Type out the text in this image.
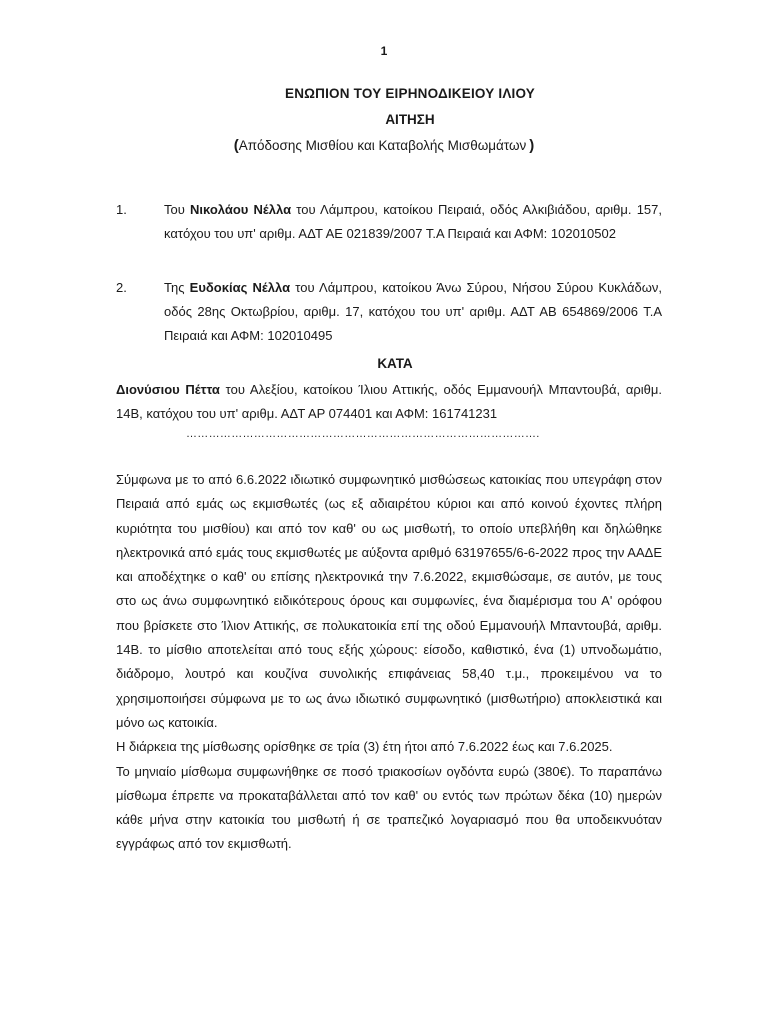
1
ΕΝΩΠΙΟΝ ΤΟΥ ΕΙΡΗΝΟΔΙΚΕΙΟΥ ΙΛΙΟΥ
ΑΙΤΗΣΗ
(Απόδοσης Μισθίου και Καταβολής Μισθωμάτων )
1.	Του Νικολάου Νέλλα του Λάμπρου, κατοίκου Πειραιά, οδός Αλκιβιάδου, αριθμ. 157, κατόχου του υπ' αριθμ. ΑΔΤ ΑΕ 021839/2007 Τ.Α Πειραιά και ΑΦΜ: 102010502
2.	Της Ευδοκίας Νέλλα του Λάμπρου, κατοίκου Άνω Σύρου, Νήσου Σύρου Κυκλάδων, οδός 28ης Οκτωβρίου, αριθμ. 17, κατόχου του υπ' αριθμ. ΑΔΤ ΑΒ 654869/2006 Τ.Α Πειραιά και ΑΦΜ: 102010495
ΚΑΤΑ
Διονύσιου Πέττα του Αλεξίου, κατοίκου Ίλιου Αττικής, οδός Εμμανουήλ Μπαντουβά, αριθμ. 14Β, κατόχου του υπ' αριθμ. ΑΔΤ ΑΡ 074401 και ΑΦΜ: 161741231
………………………………………………………………………………….

Σύμφωνα με το από 6.6.2022 ιδιωτικό συμφωνητικό μισθώσεως κατοικίας που υπεγράφη στον Πειραιά από εμάς ως εκμισθωτές (ως εξ αδιαιρέτου κύριοι και από κοινού έχοντες πλήρη κυριότητα του μισθίου) και από τον καθ' ου ως μισθωτή, το οποίο υπεβλήθη και δηλώθηκε ηλεκτρονικά από εμάς τους εκμισθωτές με αύξοντα αριθμό 63197655/6-6-2022 προς την ΑΑΔΕ και αποδέχτηκε ο καθ' ου επίσης ηλεκτρονικά την 7.6.2022, εκμισθώσαμε, σε αυτόν, με τους στο ως άνω συμφωνητικό ειδικότερους όρους και συμφωνίες, ένα διαμέρισμα του Α' ορόφου που βρίσκετε στο Ίλιον Αττικής, σε πολυκατοικία επί της οδού Εμμανουήλ Μπαντουβά, αριθμ. 14Β. το μίσθιο αποτελείται από τους εξής χώρους: είσοδο, καθιστικό, ένα (1) υπνοδωμάτιο, διάδρομο, λουτρό και κουζίνα συνολικής επιφάνειας 58,40 τ.μ., προκειμένου να το χρησιμοποιήσει σύμφωνα με το ως άνω ιδιωτικό συμφωνητικό (μισθωτήριο) αποκλειστικά και μόνο ως κατοικία.

Η διάρκεια της μίσθωσης ορίσθηκε σε τρία (3) έτη ήτοι από 7.6.2022 έως και 7.6.2025.

Το μηνιαίο μίσθωμα συμφωνήθηκε σε ποσό τριακοσίων ογδόντα ευρώ (380€). Το παραπάνω μίσθωμα έπρεπε να προκαταβάλλεται από τον καθ' ου εντός των πρώτων δέκα (10) ημερών κάθε μήνα στην κατοικία του μισθωτή ή σε τραπεζικό λογαριασμό που θα υποδεικνυόταν εγγράφως από τον εκμισθωτή.
